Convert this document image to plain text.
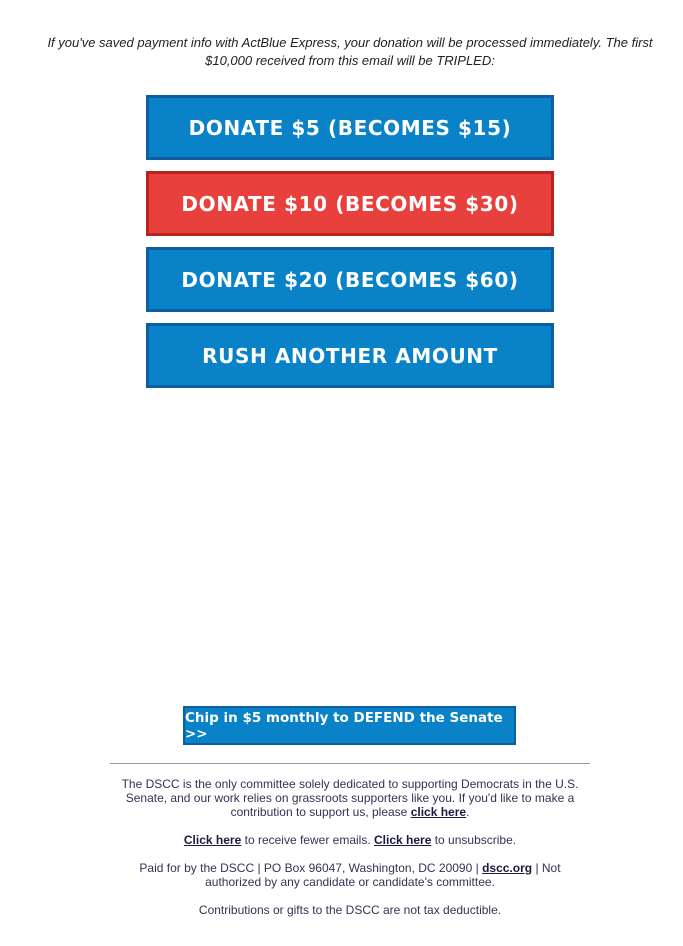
If you've saved payment info with ActBlue Express, your donation will be processed immediately. The first $10,000 received from this email will be TRIPLED:
DONATE $5 (BECOMES $15)
DONATE $10 (BECOMES $30)
DONATE $20 (BECOMES $60)
RUSH ANOTHER AMOUNT
Chip in $5 monthly to DEFEND the Senate >>
The DSCC is the only committee solely dedicated to supporting Democrats in the U.S. Senate, and our work relies on grassroots supporters like you. If you'd like to make a contribution to support us, please click here.
Click here to receive fewer emails. Click here to unsubscribe.
Paid for by the DSCC | PO Box 96047, Washington, DC 20090 | dscc.org | Not authorized by any candidate or candidate's committee.
Contributions or gifts to the DSCC are not tax deductible.
